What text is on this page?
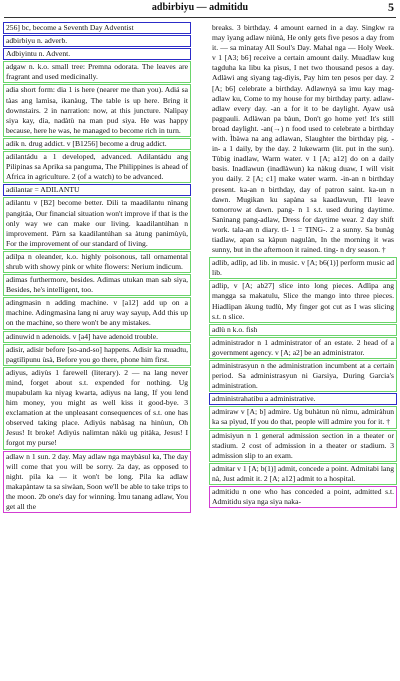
adbirbiyu — admitidu	5
256] bc, become a Seventh Day Adventist
adbirbiyu n. adverb.
Adbiyintu n. Advent.
adgaw n. k.o. small tree: Premna odorata. The leaves are fragrant and used medicinally.
adia short form: dia 1 is here (nearer me than you). Adiá sa tàas ang lamìsa, ikanàug, The table is up here. Bring it downstairs. 2 in narration: now, at this juncture. Nalìpay siya kay, dìa, nadàtù na man pud siya. He was happy because, here he was, he managed to become rich in turn.
adik n. drug addict. v [B1256] become a drug addict.
adilantádu a 1 developed, advanced. Adilantádu ang Pilipinas sa Aprika sa panguma, The Philippines is ahead of Africa in agriculture. 2 (of a watch) to be advanced.
adilantar = ADILANTU
adilantu v [B2] become better. Dili ta maadilantu nìnang pangitáa, Our financial situation won't improve if that is the only way we can make our living. kaadilantúhan n improvement. Pàrn sa kaadilantúhan sa àtung panimùyù, For the improvement of our standard of living.
adilpa n oleander, k.o. highly poisonous, tall ornamental shrub with showy pink or white flowers: Nerium indicum.
adimas furthermore, besides. Adimas utukan man sab siya, Besides, he's intelligent, too.
adingmasin n adding machine. v [a12] add up on a machine. Adingmasìna lang ni aruy way sayup, Add this up on the machine, so there won't be any mistakes.
adinuwid n adenoids. v [a4] have adenoid trouble.
adisir, adisir before [so-and-so] happens. Adisir ka muadtu, pagtilìpunu ùsà, Before you go there, phone him first.
adiyus, adiyùs 1 farewell (literary). 2 — na lang never mind, forget about s.t. expended for nothing. Ug mupabulam ka niyag kwarta, adiyus na lang, If you lend him money, you might as well kiss it good-bye. 3 exclamation at the unpleasant consequences of s.t. one has observed taking place. Adiyús nabàsag na hinùun, Oh Jesus! It broke! Adiyús nalimtan nàkù ug pitàka, Jesus! I forgot my purse!
adlaw n 1 sun. 2 day. May adlaw nga maybàsul ka, The day will come that you will be sorry. 2a day, as opposed to night. pila ka — it won't be long. Pila ka adlaw makapàntaw ta sa siwàan, Soon we'll be able to take trips to the moon. 2b one's day for winning. Ìmu tanang adlaw, You get all the
breaks. 3 birthday. 4 amount earned in a day. Singkw ra may ìyang adlaw niùnà, He only gets five pesos a day from it. — sa mìnatay All Soul's Day. Mahal nga — Holy Week. v 1 [A3; b6] receive a certain amount daily. Muadlaw kug tagduha ka libu ka pìsus, I net two thousand pesos a day. Adlàwi ang sìyang tag-dìyis, Pay him ten pesos per day. 2 [A; b6] celebrate a birthday. Adlawnyà sa ìmu kay mag-adlaw ku, Come to my house for my birthday party. adlaw-adlaw every day. -an a for it to be daylight. Ayaw usà pagpauli. Adlàwan pa bàun, Don't go home yet! It's still broad daylight. -an(→) n food used to celebrate a birthday with. Ìbàwa na ang adlawan, Slaughter the birthday pig. -in- a 1 daily, by the day. 2 lukewarm (lit. put in the sun). Tùbig inadlaw, Warm water. v 1 [A; a12] do on a daily basis. Inadlawun (inadlàwun) ka nàkug duaw, I will visit you daily. 2 [A; c1] make water warm. -in-an n birthday present. ka-an n birthday, day of patron saint. ka-un n dawn. Mugikan ku sapàna sa kaadlawun, I'll leave tomorrow at dawn. pang- n 1 s.t. used during daytime. Sanìnang pang-adlaw, Dress for daytime wear. 2 day shift work. tala-an n diary. tl- 1 = TING-. 2 a sunny. Sa bunàg tiadlaw, apan sa kàpun nagulàn, In the morning it was sunny, but in the afternoon it rained. ting- n dry season. †
adlib, adlìp, ad lib. in music. v [A; b6(1)] perform music ad lib.
adlip, v [A; ab27] slice into long pieces. Adlìpa ang mangga sa makatulu, Slice the mango into three pieces. Hiadlìpan àkung tudlù, My finger got cut as I was slicing s.t. n slice.
adlù n k.o. fish
administrador n 1 administrator of an estate. 2 head of a government agency. v [A; a2] be an administrator.
administrasyun n the administration incumbent at a certain period. Sa administrasyun ni Garsiya, During Garcia's administration.
administrahatibu a administrative.
admiraw v [A; b] admire. Ug buhàtun nù nìmu, admiràhun ka sa pìyud, If you do that, people will admire you for it. †
admisiyun n 1 general admission section in a theater or stadium. 2 cost of admission in a theater or stadium. 3 admission slip to an exam.
admitar v 1 [A; b(1)] admit, concede a point. Admitabi lang nà, Just admit it. 2 [A; a12] admit to a hospital.
admitidu n one who has conceded a point, admitted s.t. Admitidu siya nga siya naka-
